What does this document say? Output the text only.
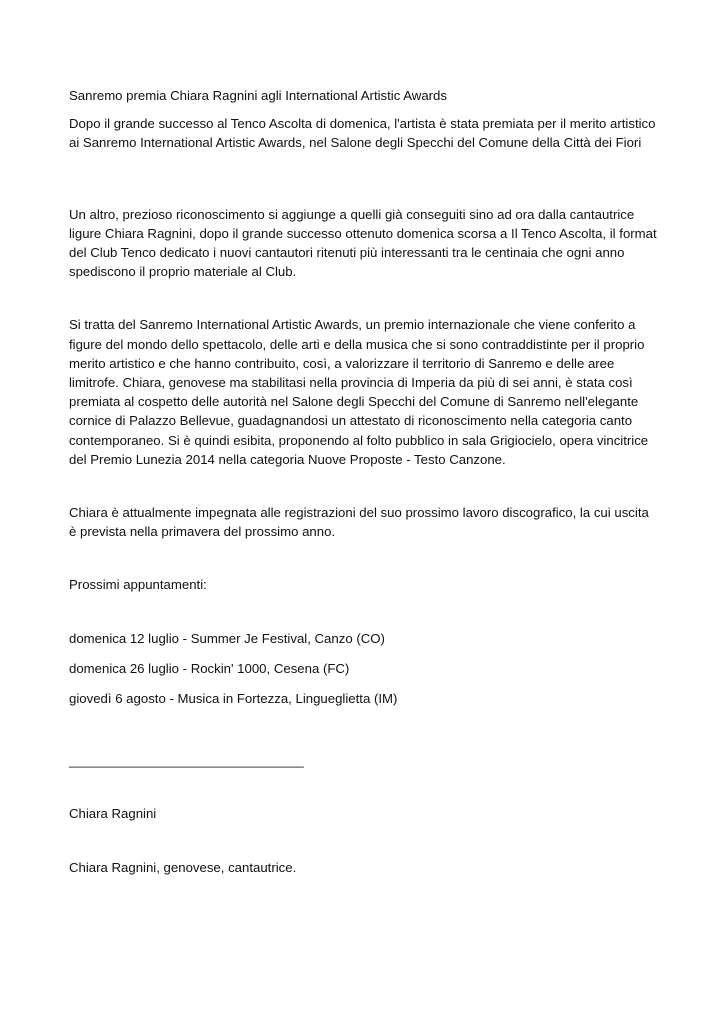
Sanremo premia Chiara Ragnini agli International Artistic Awards

Dopo il grande successo al Tenco Ascolta di domenica, l'artista è stata premiata per il merito artistico ai Sanremo International Artistic Awards, nel Salone degli Specchi del Comune della Città dei Fiori

Un altro, prezioso riconoscimento si aggiunge a quelli già conseguiti sino ad ora dalla cantautrice ligure Chiara Ragnini, dopo il grande successo ottenuto domenica scorsa a Il Tenco Ascolta, il format del Club Tenco dedicato i nuovi cantautori ritenuti più interessanti tra le centinaia che ogni anno spediscono il proprio materiale al Club.

Si tratta del Sanremo International Artistic Awards, un premio internazionale che viene conferito a figure del mondo dello spettacolo, delle arti e della musica che si sono contraddistinte per il proprio merito artistico e che hanno contribuito, così, a valorizzare il territorio di Sanremo e delle aree limitrofe. Chiara, genovese ma stabilitasi nella provincia di Imperia da più di sei anni, è stata così premiata al cospetto delle autorità nel Salone degli Specchi del Comune di Sanremo nell'elegante cornice di Palazzo Bellevue, guadagnandosi un attestato di riconoscimento nella categoria canto contemporaneo. Si è quindi esibita, proponendo al folto pubblico in sala Grigiocielo, opera vincitrice del Premio Lunezia 2014 nella categoria Nuove Proposte - Testo Canzone.

Chiara è attualmente impegnata alle registrazioni del suo prossimo lavoro discografico, la cui uscita è prevista nella primavera del prossimo anno.

Prossimi appuntamenti:

domenica 12 luglio - Summer Je Festival, Canzo (CO)
domenica 26 luglio - Rockin' 1000, Cesena (FC)
giovedì 6 agosto - Musica in Fortezza, Lingueglietta (IM)

________________________________

Chiara Ragnini

Chiara Ragnini, genovese, cantautrice.
